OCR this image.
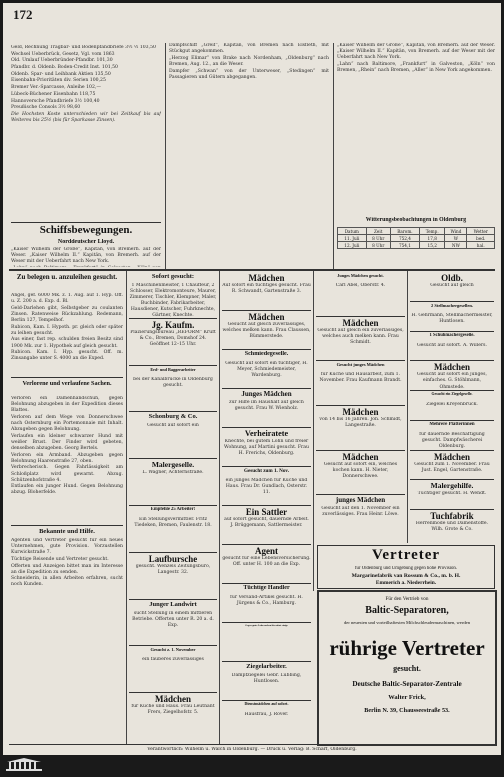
172

Geld, Rechnung Tragbar- und Bodenpfandbriefe 3½ ½ 103,50

Wechsel Ueberbrück, Gesetz, Vgl. vom 1863

Old. Umlauf Ueberbründer-Pfandbr. 101,30

Pfandbr. d. Oldenb. Boden-Credit Inst. 101,50

Oldenb. Spar- und Leihbank Aktien 135,50

Eisenbahn-Prioritäten div. Serien 100,25

Bremer Ver.-Sparcasse, Anleihe 102,—

Lübeck-Büchener Eisenbahn 118,75

Hannoversche Pfandbriefe 3½ 100,40

Preußische Consols 3½ 98,60

Die Hochsten Koste unterschieden wir bei Zeitkauf bis auf Weiteres bis 25½ (bis für Sparkasse Zinsen).

Schiffsbewegungen.
Norddeutscher Lloyd.

„Kaiser Wilhelm der Große“, Kapitän, von Bremerh. auf der Weser. „Kaiser Wilhelm II.“ Kapitän, von Bremerh. auf der Weser mit der Ueberfahrt nach New York.

Zu belegen u. anzuleihen gesucht.

Angel, gef. 6000 Mk. z. 1. Aug. auf 1. Hyp. Off. u. Z. 200 a. d. Exp. d. Bl.

Geld-Darlehen gibt, Selbstgeber zu coulanten Zinsen. Ratenweise Rückzahlung. Redemann, Berlin 127, Tempelhof.

Rubicon, Kam. I. Hypoth. pr. gleich oder später zu leihen gesucht.

Aus einer, fast rep. schulden freien Besitz sind 1900 Mk. zur 1. Hypothek auf gleich gesucht.

Rubicon. Kam. I. Hyp. gesucht. Off. m. Zinsangabe unter S. 4000 an die Exped.

Verlorene und verlaufene Sachen.

Verloren ein Damenhandschuh, gegen Belohnung abzugeben in der Expedition dieses Blattes.

Verloren auf dem Wege von Donnerschwee nach Osternburg ein Portemonnaie mit Inhalt. Abzugeben gegen Belohnung.

Verlaufen ein kleiner schwarzer Hund mit weißer Brust. Der Finder wird gebeten, denselben abzugeben. Georg Bertels.

Verloren ein Armband. Abzugeben gegen Belohnung Haarenstraße 27, oben.

Verbrecherisch. Gegen Fahrlässigkeit am Schloßplatz wird gewarnt. Abzug. Schützenhofstraße 4.

Entlaufen ein junger Hund. Gegen Belohnung abzug. Bloherfelde.

Bekannte und Hilfe.

Agenten und Vertreter gesucht für ein neues Unternehmen, gute Provision. Vorzustellen Kurwickstraße 7.

Tüchtige Reisende und Vertreter gesucht.

Offerten und Anzeigen bittet man im Interesse an die Expedition zu senden.

Schneiderin, in allen Arbeiten erfahren, sucht noch Kunden.

Dampfschiff „Greif“, Kapitän, von Bremen nach Elsfleth, mit Stückgut angekommen.

„Herzog Elimar“ von Brake nach Nordenham, „Oldenburg“ nach Bremen, Aug. 12., an die Weser.

Dampfer „Schwan“ von der Unterweser, „Stedingen“ mit Passagieren und Gütern abgegangen.

„Kaiser Wilhelm der Große“, Kapitän, von Bremerh. auf der Weser. „Kaiser Wilhelm II.“ Kapitän, von Bremerh. auf der Weser mit der Ueberfahrt nach New York.

„Lahn“ nach Baltimore, „Frankfurt“ in Galveston, „Köln“ von Bremen, „Rhein“ nach Bremen, „Aller“ in New York angekommen.

Witterungsbeobachtungen in Oldenburg
Datum	Zeit	Barom.	Temp.	Wind	Wetter
11. Juli	8 Uhr	752,4	17,8	W	bed.
12. Juli	8 Uhr	754,1	15,2	NW	hal.
Sofort gesucht:
1 Maschinenmeister, 1 Chauffeur, 2 Schlosser, Elektromonteure, Maurer, Zimmerer, Tischler, Klempner, Maler, Buchbinder, Fabrikarbeiter, Hausdiener, Kutscher, Fuhrknechte, Gärtner, Knechte.
Jg. Kaufm.
Plazierungsbureau „REFORM“ Kruft & Co., Bremen, Domshof 24. Geöffnet 12–15 Uhr.
Erd- und Baggerarbeiter
bei der Kanalbrücke in Oldenburg gesucht.
Schonburg & Co.
Gesucht auf sofort ein
Malergeselle.
L. Wagner, Achternstraße.
Empfehle 25 Arbeiter!
Ein Stellungsvermittler. Fritz Tiedeken, Bremen, Faulenstr. 18.
Laufbursche
gesucht. Wenzels Zeitungsbüro, Langestr. 32.
Junger Landwirt
sucht Stellung in einem mittleren Betriebe. Offerten unter R. 20 a. d. Exp.
Gesucht z. 1. November
ein fauberes zuverlässiges
Mädchen
für Küche und Haus. Frau Leutnant Frers, Ziegelhofstr. 5.
Mädchen
Auf sofort ein tüchtiges gesucht. Frau R. Schwandt, Gartenstraße 3.
Mädchen
Gesucht auf gleich zuverlässiges, welches melken kann. Frau Claussen, Bümmerstede.
Schmiedegeselle.
Gesucht auf sofort ein tüchtiger, H. Meyer, Schmiedemeister, Wardenburg.
Junges Mädchen
zur Hilfe im Haushalt auf gleich gesucht. Frau W. Wienholz.
Verheiratete
Knechte, bei gutem Lohn und freier Wohnung, auf Martini gesucht. Frau H. Frerichs, Oldenburg.
Gesucht zum 1. Nov.
ein junges Mädchen für Küche und Haus. Frau Dr. Gundlach, Osterstr. 11.
Ein Sattler
auf sofort gesucht, dauernde Arbeit. J. Brüggemann, Sattlermeister.
Agent
gesucht für eine Lebensversicherung. Off. unter H. 100 an die Exp.
Tüchtige Handler
für Versand-Artikel gesucht. H. Jürgens & Co., Hamburg.
Gegen gutes Lohn suchen für sofort einige
Ziegelarbeiter.
Dampfziegelei Gebr. Lübbing, Huntlosen.
Dienstmädchen auf sofort.
Hausfrau, J. Röver.
Junges Mädchen gesucht.
Carl Abel, Oberstr. 4.
Mädchen
Gesucht auf gleich ein zuverlässiges, welches auch melken kann. Frau Schmidt.
Gesucht junges Mädchen
für Küche und Hausarbeit, zum 1. November. Frau Kaufmann Brandt.
Mädchen
von 14 bis 16 Jahren. Joh. Schmidt, Langestraße.
Mädchen
Gesucht auf sofort ein, welches kochen kann. H. Nieter, Donnerschwee.
junges Mädchen
Gesucht auf den 1. November ein zuverlässiges. Frau Heinr. Löwe.
Oldb.
Gesucht auf gleich
2 Stellmachergesellen.
H. Gehrmann, Stellmachermeister, Huntlosen.
1 Schuhmachergeselle.
Gesucht auf sofort. A. Willers.
Mädchen
Gesucht auf sofort ein junges, einfaches. G. Stöhlmann, Ohmstede.
Gesucht ein Ziegelgeselle.
Ziegelei Kreyenbrück.
Mehrere Plätterinnen
für dauernde Beschäftigung gesucht. Dampfwäscherei Oldenburg.
Mädchen
Gesucht zum 1. November. Frau Just. Engel, Gartenstraße.
Malergehilfe.
Tüchtiger gesucht. H. Wendt.
Tuchfabrik
Herrenmode und Damenstoffe. Wilh. Grote & Co.
Vertreter
für Oldenburg und Umgebung gegen hohe Provision.
Margarinefabrik van Rossum & Co., m. b. H.
Emmerich a. Niederrhein.
Für den Vertrieb von
Baltic-Separatoren,
der neuesten und vorteilhaftesten Milchschleudermaschinen, werden
rührige Vertreter
gesucht.
Deutsche Baltic-Separator-Zentrale
Walter Frick,
Berlin N. 39, Chausseestraße 53.
Verantwortlich: Wilhelm u. Walch in Oldenburg. — Druck u. Verlag: B. Scharf, Oldenburg.
